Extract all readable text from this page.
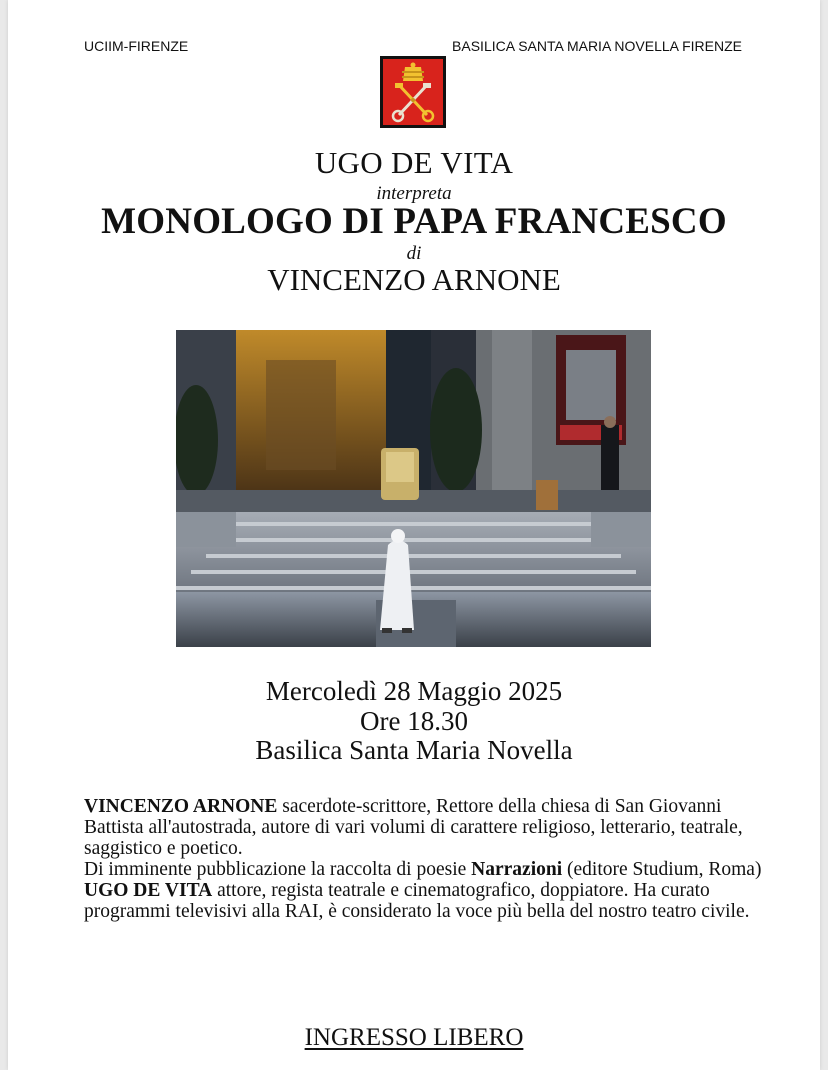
UCIIM-FIRENZE	BASILICA SANTA MARIA NOVELLA FIRENZE
UGO DE VITA
interpreta
MONOLOGO DI PAPA FRANCESCO
di
VINCENZO ARNONE
Mercoledì 28 Maggio 2025
Ore 18.30
Basilica Santa Maria Novella

VINCENZO ARNONE sacerdote-scrittore, Rettore della chiesa di San Giovanni Battista all'autostrada, autore di vari volumi di carattere religioso, letterario, teatrale, saggistico e poetico.

Di imminente pubblicazione la raccolta di poesie Narrazioni (editore Studium, Roma)

UGO DE VITA attore, regista teatrale e cinematografico, doppiatore. Ha curato programmi televisivi alla RAI, è considerato la voce più bella del nostro teatro civile.

INGRESSO LIBERO
